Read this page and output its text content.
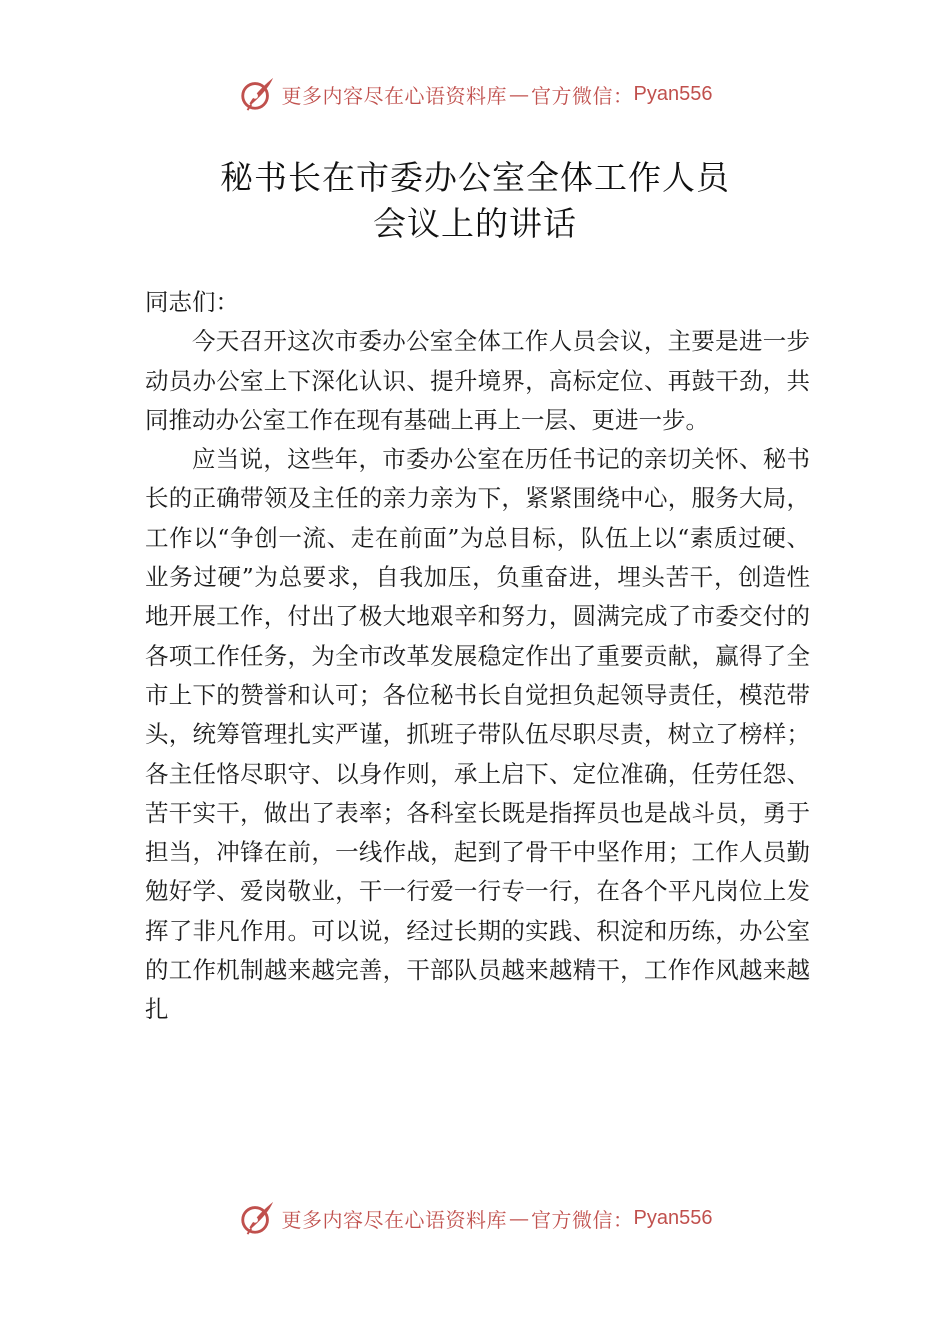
更多内容尽在心语资料库 — 官方微信： Pyan556
秘书长在市委办公室全体工作人员
会议上的讲话

同志们：

今天召开这次市委办公室全体工作人员会议，主要是进一步动员办公室上下深化认识、提升境界，高标定位、再鼓干劲，共同推动办公室工作在现有基础上再上一层、更进一步。

应当说，这些年，市委办公室在历任书记的亲切关怀、秘书长的正确带领及主任的亲力亲为下，紧紧围绕中心，服务大局，工作以“争创一流、走在前面”为总目标，队伍上以“素质过硬、业务过硬”为总要求，自我加压，负重奋进，埋头苦干，创造性地开展工作，付出了极大地艰辛和努力，圆满完成了市委交付的各项工作任务，为全市改革发展稳定作出了重要贡献，赢得了全市上下的赞誉和认可；各位秘书长自觉担负起领导责任，模范带头，统筹管理扎实严谨，抓班子带队伍尽职尽责，树立了榜样；各主任恪尽职守、以身作则，承上启下、定位准确，任劳任怨、苦干实干，做出了表率；各科室长既是指挥员也是战斗员，勇于担当，冲锋在前，一线作战，起到了骨干中坚作用；工作人员勤勉好学、爱岗敬业，干一行爱一行专一行，在各个平凡岗位上发挥了非凡作用。可以说，经过长期的实践、积淀和历练，办公室的工作机制越来越完善，干部队员越来越精干，工作作风越来越扎

更多内容尽在心语资料库 — 官方微信： Pyan556
